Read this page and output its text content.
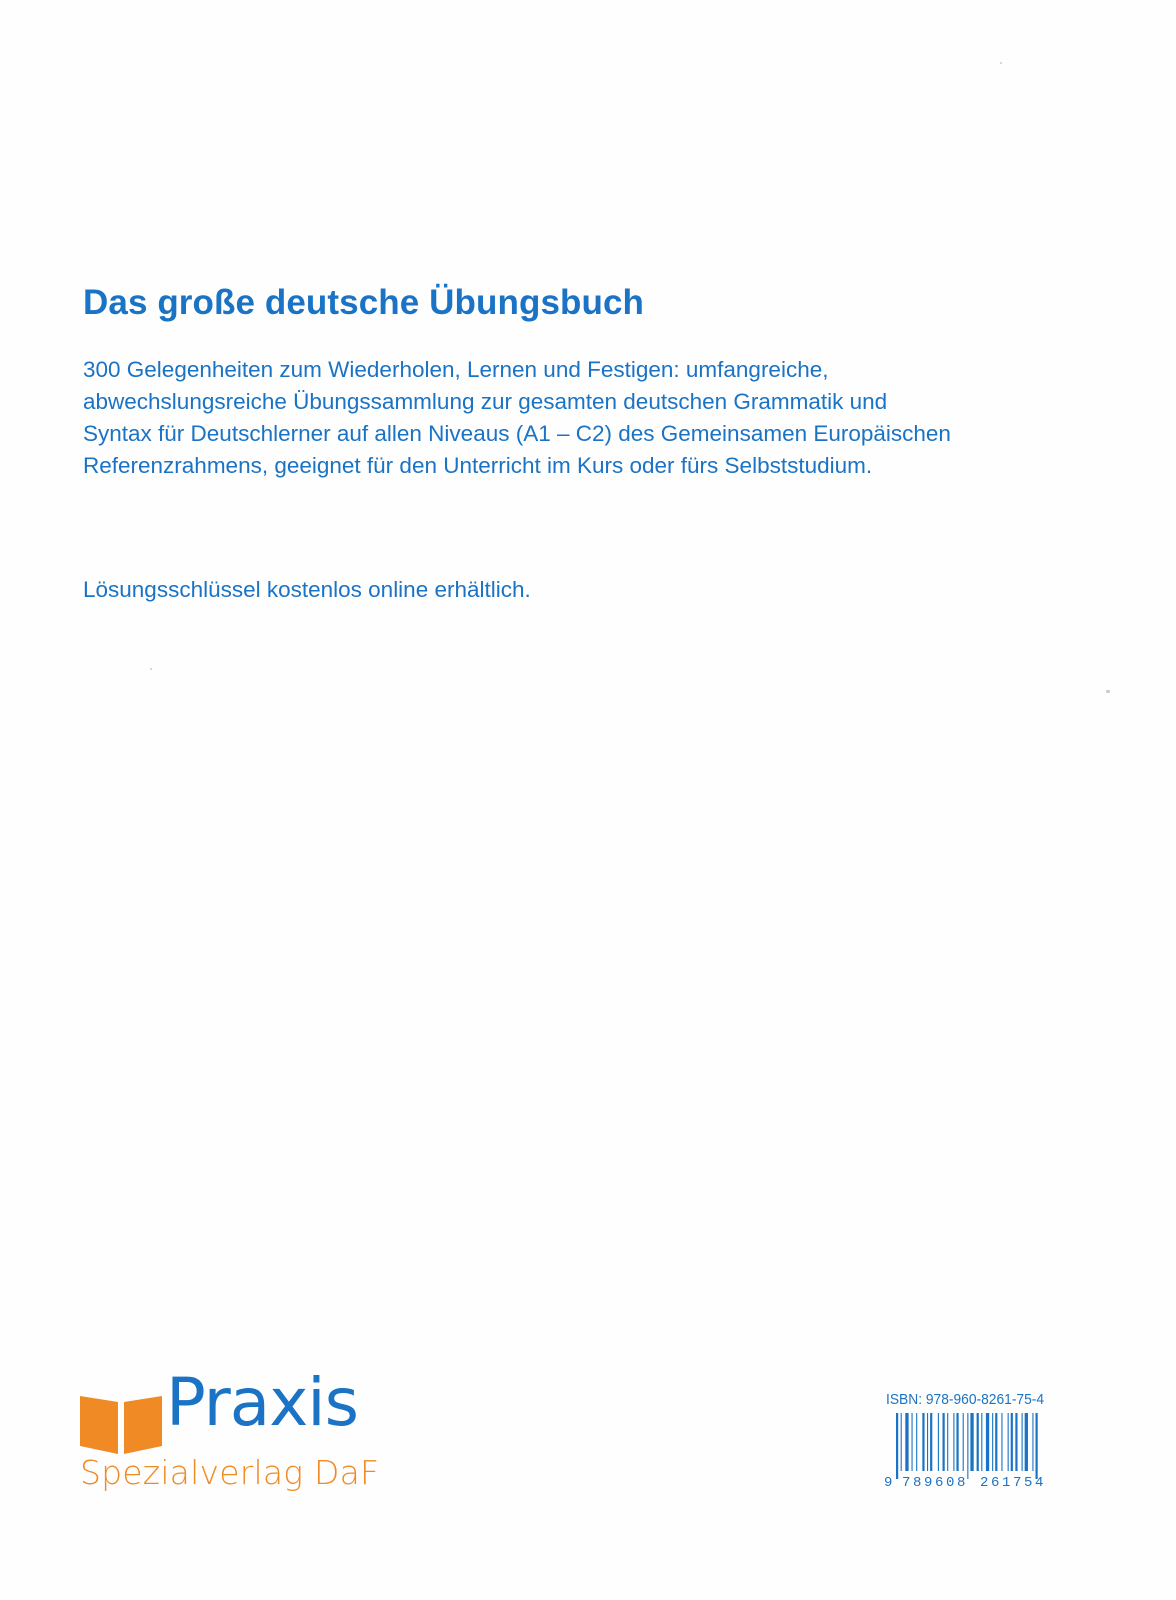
Das große deutsche Übungsbuch

300 Gelegenheiten zum Wiederholen, Lernen und Festigen: umfangreiche,
abwechslungsreiche Übungssammlung zur gesamten deutschen Grammatik und
Syntax für Deutschlerner auf allen Niveaus (A1 – C2) des Gemeinsamen Europäischen
Referenzrahmens, geeignet für den Unterricht im Kurs oder fürs Selbststudium.

Lösungsschlüssel kostenlos online erhältlich.

Praxis
Spezialverlag DaF
ISBN: 978-960-8261-75-4
9 789608 261754
